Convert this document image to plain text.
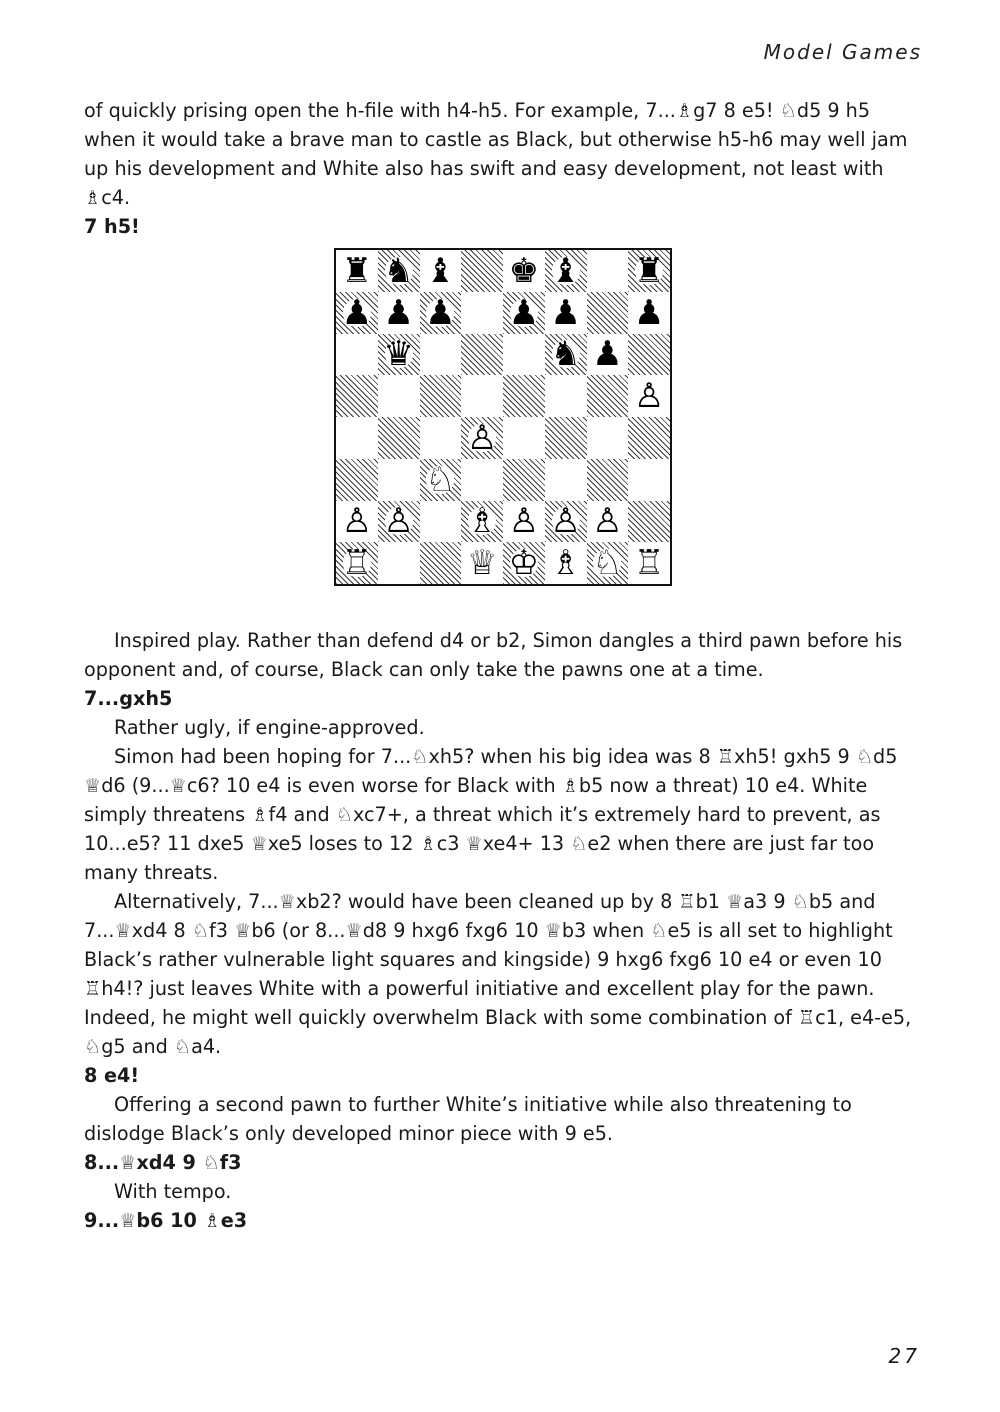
Model Games

of quickly prising open the h-file with h4-h5. For example, 7...♗g7 8 e5! ♘d5 9 h5 when it would take a brave man to castle as Black, but otherwise h5-h6 may well jam up his development and White also has swift and easy development, not least with ♗c4.

7 h5!

♜ ♞ ♝ ♚ ♝ ♜
♟ ♟ ♟ ♟ ♟ ♟
♛	♞ ♟
♙
♙
♘
♙ ♙ ♗ ♙ ♙ ♙
♖	♕ ♔ ♗ ♘ ♖

Inspired play. Rather than defend d4 or b2, Simon dangles a third pawn before his opponent and, of course, Black can only take the pawns one at a time.

7...gxh5

Rather ugly, if engine-approved.

Simon had been hoping for 7...♘xh5? when his big idea was 8 ♖xh5! gxh5 9 ♘d5 ♕d6 (9...♕c6? 10 e4 is even worse for Black with ♗b5 now a threat) 10 e4. White simply threatens ♗f4 and ♘xc7+, a threat which it’s extremely hard to prevent, as 10...e5? 11 dxe5 ♕xe5 loses to 12 ♗c3 ♕xe4+ 13 ♘e2 when there are just far too many threats.

Alternatively, 7...♕xb2? would have been cleaned up by 8 ♖b1 ♕a3 9 ♘b5 and 7...♕xd4 8 ♘f3 ♕b6 (or 8...♕d8 9 hxg6 fxg6 10 ♕b3 when ♘e5 is all set to highlight Black’s rather vulnerable light squares and kingside) 9 hxg6 fxg6 10 e4 or even 10 ♖h4!? just leaves White with a powerful initiative and excellent play for the pawn. Indeed, he might well quickly overwhelm Black with some combination of ♖c1, e4-e5, ♘g5 and ♘a4.

8 e4!

Offering a second pawn to further White’s initiative while also threatening to dislodge Black’s only developed minor piece with 9 e5.

8...♕xd4 9 ♘f3

With tempo.

9...♕b6 10 ♗e3

27
